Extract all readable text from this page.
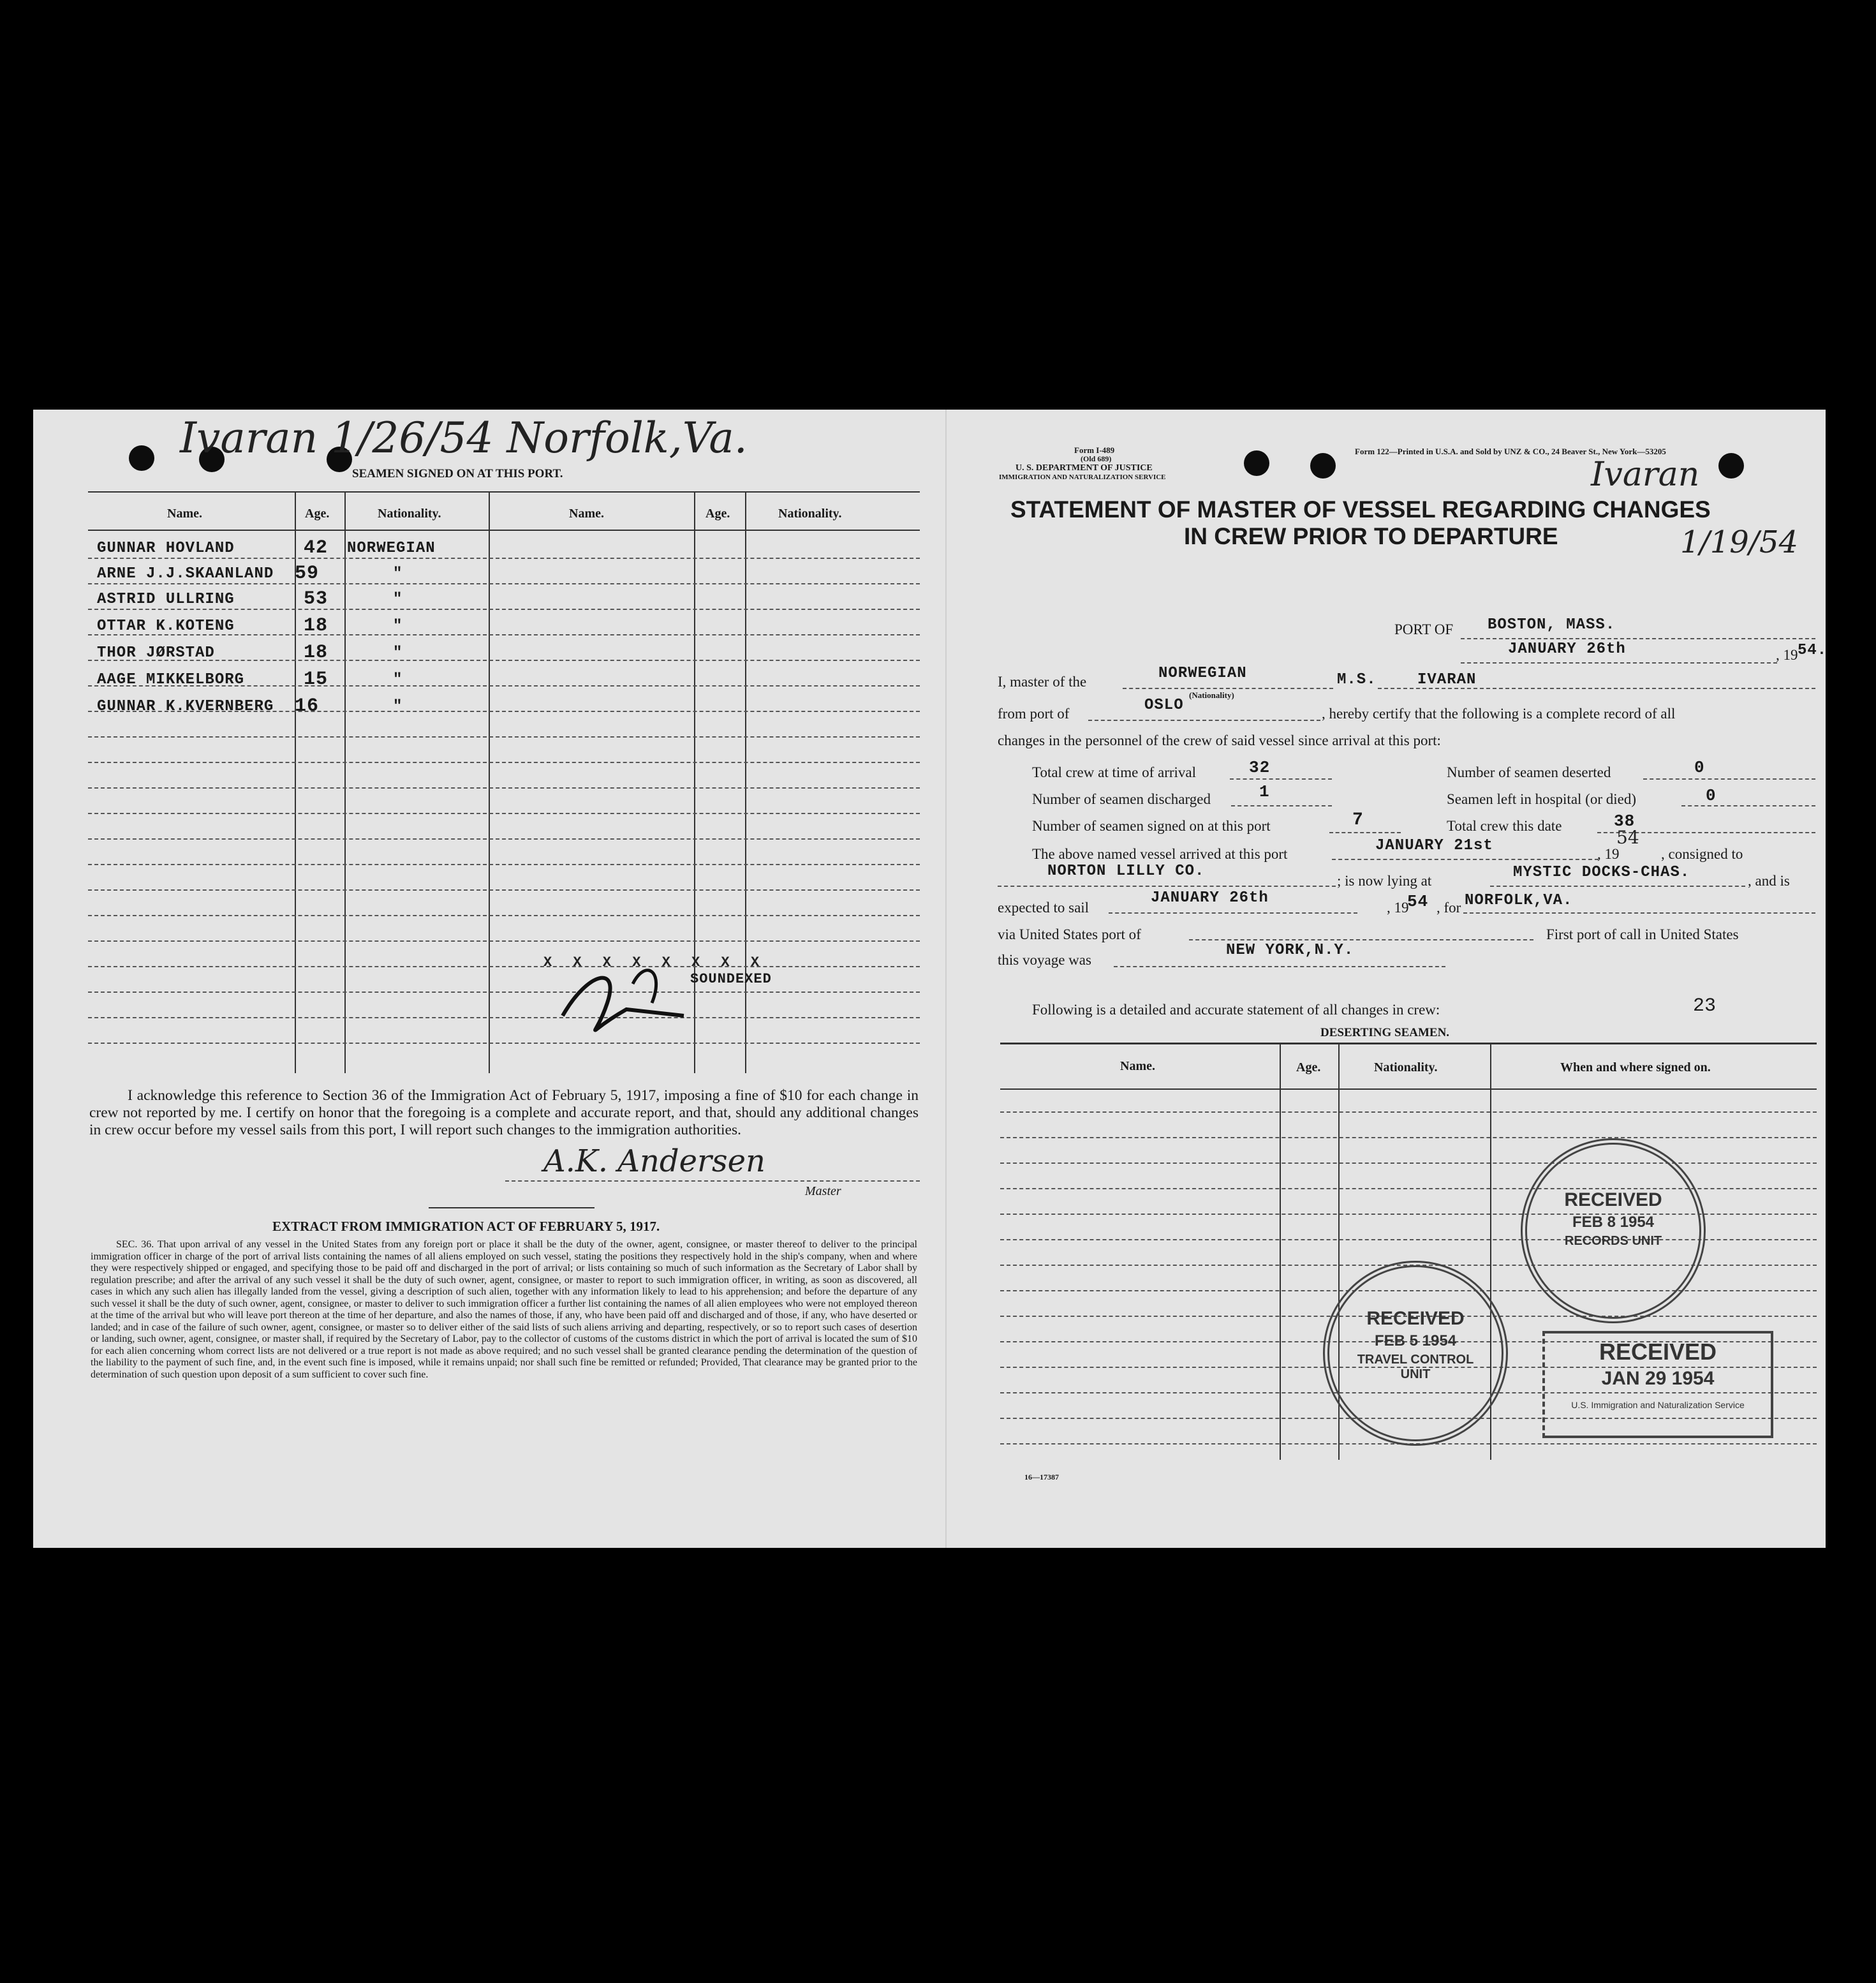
Ivaran 1/26/54 Norfolk,Va.
SEAMEN SIGNED ON AT THIS PORT.
Name.	Age.	Nationality.	Name.	Age.	Nationality.
GUNNAR HOVLAND	42 NORWEGIAN
ARNE J.J.SKAANLAND 59	"
ASTRID ULLRING	53	"
OTTAR K.KOTENG	18	"
THOR JØRSTAD	18	"
AAGE MIKKELBORG	15	"
GUNNAR K.KVERNBERG 16	"
X X X X X X X X
SOUNDEXED
I acknowledge this reference to Section 36 of the Immigration Act of February 5, 1917, imposing a fine of $10 for each change in crew not reported by me. I certify on honor that the foregoing is a complete and accurate report, and that, should any additional changes in crew occur before my vessel sails from this port, I will report such changes to the immigration authorities.
A.K. Andersen
Master
EXTRACT FROM IMMIGRATION ACT OF FEBRUARY 5, 1917.
SEC. 36. That upon arrival of any vessel in the United States from any foreign port or place it shall be the duty of the owner, agent, consignee, or master thereof to deliver to the principal immigration officer in charge of the port of arrival lists containing the names of all aliens employed on such vessel, stating the positions they respectively hold in the ship's company, when and where they were respectively shipped or engaged, and specifying those to be paid off and discharged in the port of arrival; or lists containing so much of such information as the Secretary of Labor shall by regulation prescribe; and after the arrival of any such vessel it shall be the duty of such owner, agent, consignee, or master to report to such immigration officer, in writing, as soon as discovered, all cases in which any such alien has illegally landed from the vessel, giving a description of such alien, together with any information likely to lead to his apprehension; and before the departure of any such vessel it shall be the duty of such owner, agent, consignee, or master to deliver to such immigration officer a further list containing the names of all alien employees who were not employed thereon at the time of the arrival but who will leave port thereon at the time of her departure, and also the names of those, if any, who have been paid off and discharged and of those, if any, who have deserted or landed; and in case of the failure of such owner, agent, consignee, or master so to deliver either of the said lists of such aliens arriving and departing, respectively, or so to report such cases of desertion or landing, such owner, agent, consignee, or master shall, if required by the Secretary of Labor, pay to the collector of customs of the customs district in which the port of arrival is located the sum of $10 for each alien concerning whom correct lists are not delivered or a true report is not made as above required; and no such vessel shall be granted clearance pending the determination of the question of the liability to the payment of such fine, and, in the event such fine is imposed, while it remains unpaid; nor shall such fine be remitted or refunded; Provided, That clearance may be granted prior to the determination of such question upon deposit of a sum sufficient to cover such fine.
Form I-489
(Old 689)
U. S. DEPARTMENT OF JUSTICE
IMMIGRATION AND NATURALIZATION SERVICE
Form 122—Printed in U.S.A. and Sold by UNZ & CO., 24 Beaver St., New York—53205
Ivaran
1/19/54
STATEMENT OF MASTER OF VESSEL REGARDING CHANGES
IN CREW PRIOR TO DEPARTURE
PORT OF BOSTON, MASS.
JANUARY 26th	, 19 54.
I, master of the	NORWEGIAN
(Nationality)
M.S.	IVARAN
from port of	OSLO	, hereby certify that the following is a complete record of all
changes in the personnel of the crew of said vessel since arrival at this port:
Total crew at time of arrival	32	Number of seamen deserted	0
Number of seamen discharged	1	Seamen left in hospital (or died)	0
Number of seamen signed on at this port	7	Total crew this date	38
The above named vessel arrived at this port	JANUARY 21st	, 19
54
, consigned to
NORTON LILLY CO.
; is now lying at	MYSTIC DOCKS-CHAS.	, and is
expected to sail
JANUARY 26th
, 19
54 , for NORFOLK,VA.
via United States port of	First port of call in United States
this voyage was
NEW YORK,N.Y.
Following is a detailed and accurate statement of all changes in crew:	23
DESERTING SEAMEN.
Name.	Age.	Nationality.	When and where signed on.
RECEIVED
FEB 8 1954
RECORDS UNIT
RECEIVED
FEB 5 1954
TRAVEL CONTROL UNIT
RECEIVED
JAN 29 1954
U.S. Immigration and Naturalization Service
16—17387
